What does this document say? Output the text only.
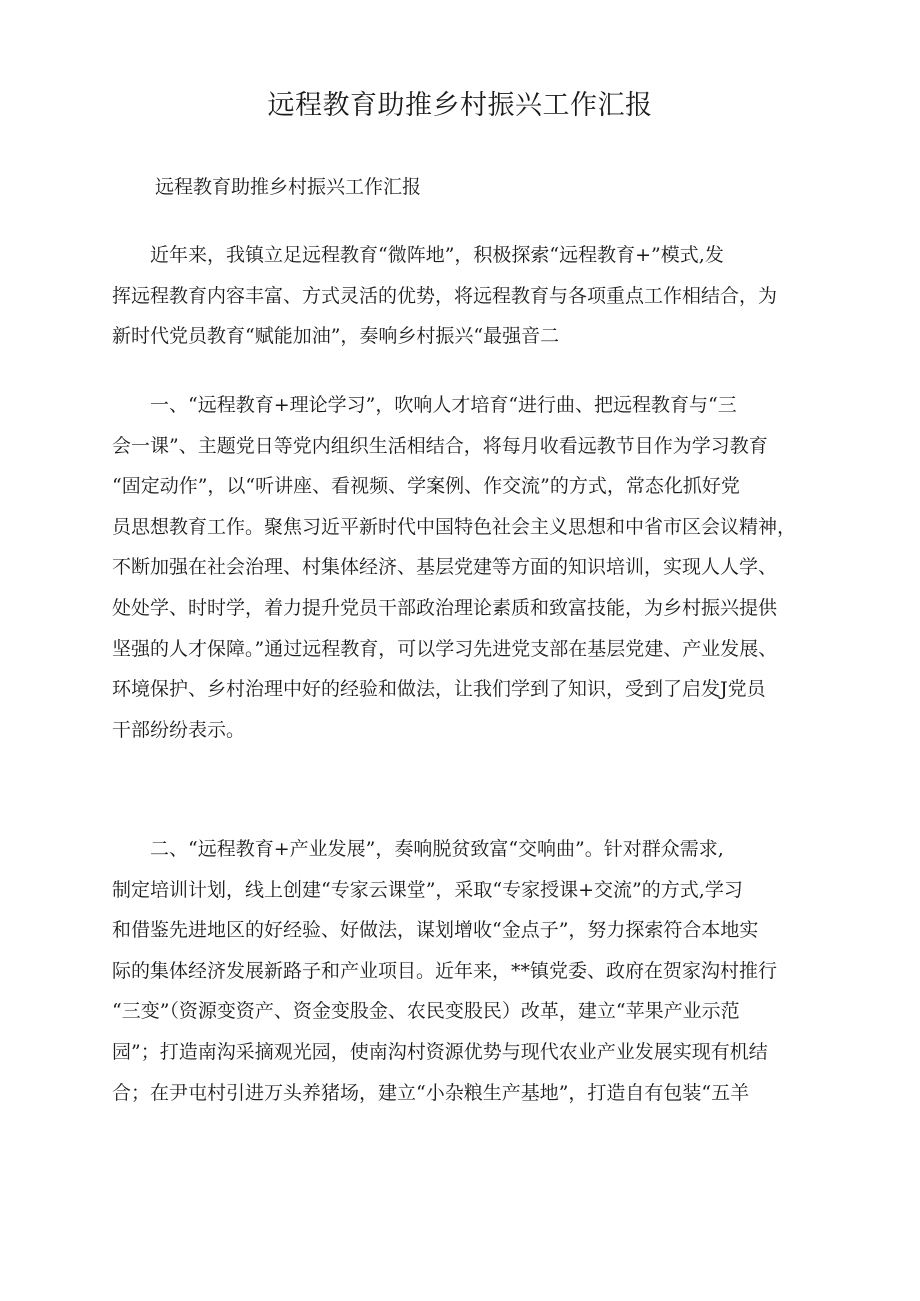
远程教育助推乡村振兴工作汇报

远程教育助推乡村振兴工作汇报

近年来，我镇立足远程教育“微阵地”，积极探索“远程教育+”模式,发
挥远程教育内容丰富、方式灵活的优势，将远程教育与各项重点工作相结合，为
新时代党员教育“赋能加油”，奏响乡村振兴“最强音二

一、“远程教育+理论学习”，吹响人才培育“进行曲、把远程教育与“三
会一课”、主题党日等党内组织生活相结合，将每月收看远教节目作为学习教育
“固定动作”，以“听讲座、看视频、学案例、作交流”的方式，常态化抓好党
员思想教育工作。聚焦习近平新时代中国特色社会主义思想和中省市区会议精神，
不断加强在社会治理、村集体经济、基层党建等方面的知识培训，实现人人学、
处处学、时时学，着力提升党员干部政治理论素质和致富技能，为乡村振兴提供
坚强的人才保障。”通过远程教育，可以学习先进党支部在基层党建、产业发展、
环境保护、乡村治理中好的经验和做法，让我们学到了知识，受到了启发J党员
干部纷纷表示。

二、“远程教育+产业发展”，奏响脱贫致富“交响曲”。针对群众需求,
制定培训计划，线上创建“专家云课堂”，采取“专家授课+交流”的方式,学习
和借鉴先进地区的好经验、好做法，谋划增收“金点子”，努力探索符合本地实
际的集体经济发展新路子和产业项目。近年来，**镇党委、政府在贺家沟村推行
“三变”（资源变资产、资金变股金、农民变股民）改革，建立“苹果产业示范
园”；打造南沟采摘观光园，使南沟村资源优势与现代农业产业发展实现有机结
合；在尹屯村引进万头养猪场，建立“小杂粮生产基地”，打造自有包装“五羊
